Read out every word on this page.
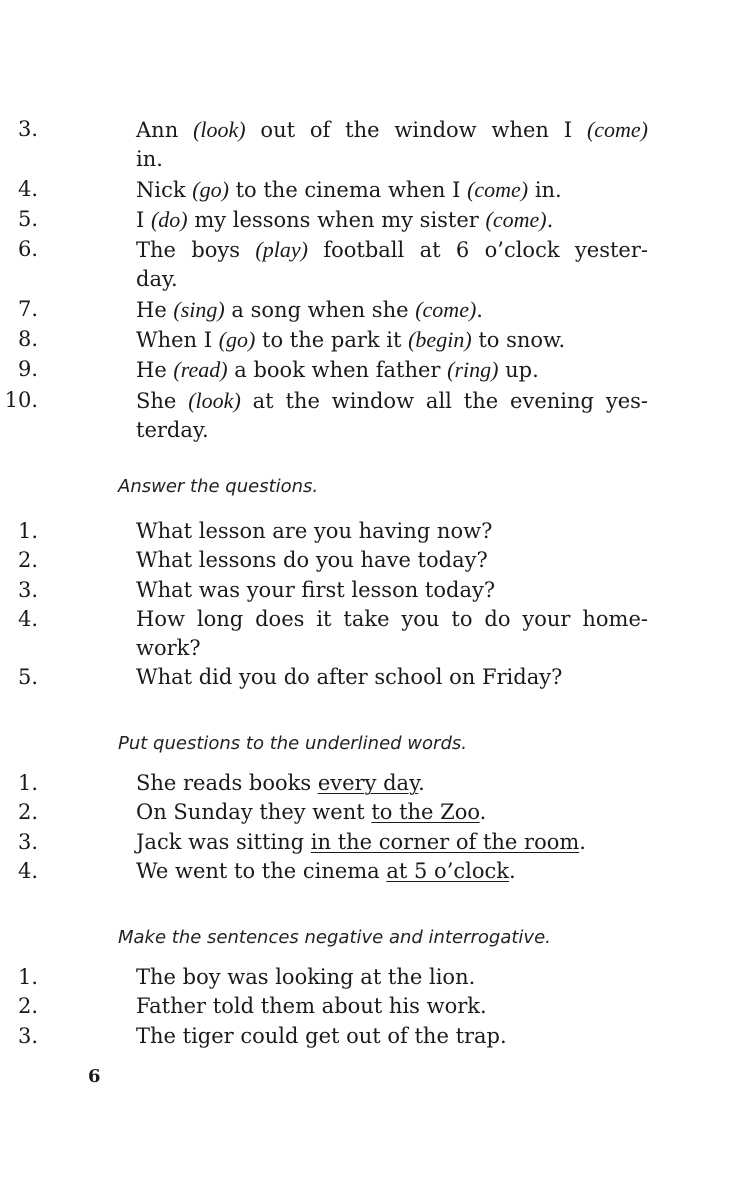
3.	Ann (look) out of the window when I (come)
in.
4.	Nick (go) to the cinema when I (come) in.
5.	I (do) my lessons when my sister (come).
6.	The boys (play) football at 6 o’clock yester-
day.
7.	He (sing) a song when she (come).
8.	When I (go) to the park it (begin) to snow.
9.	He (read) a book when father (ring) up.
10.	She (look) at the window all the evening yes-
terday.
Answer the questions.
1.	What lesson are you having now?
2.	What lessons do you have today?
3.	What was your first lesson today?
4.	How long does it take you to do your home-
work?
5.	What did you do after school on Friday?
Put questions to the underlined words.
1.	She reads books every day.
2.	On Sunday they went to the Zoo.
3.	Jack was sitting in the corner of the room.
4.	We went to the cinema at 5 o’clock.
Make the sentences negative and interrogative.
1.	The boy was looking at the lion.
2.	Father told them about his work.
3.	The tiger could get out of the trap.
6
